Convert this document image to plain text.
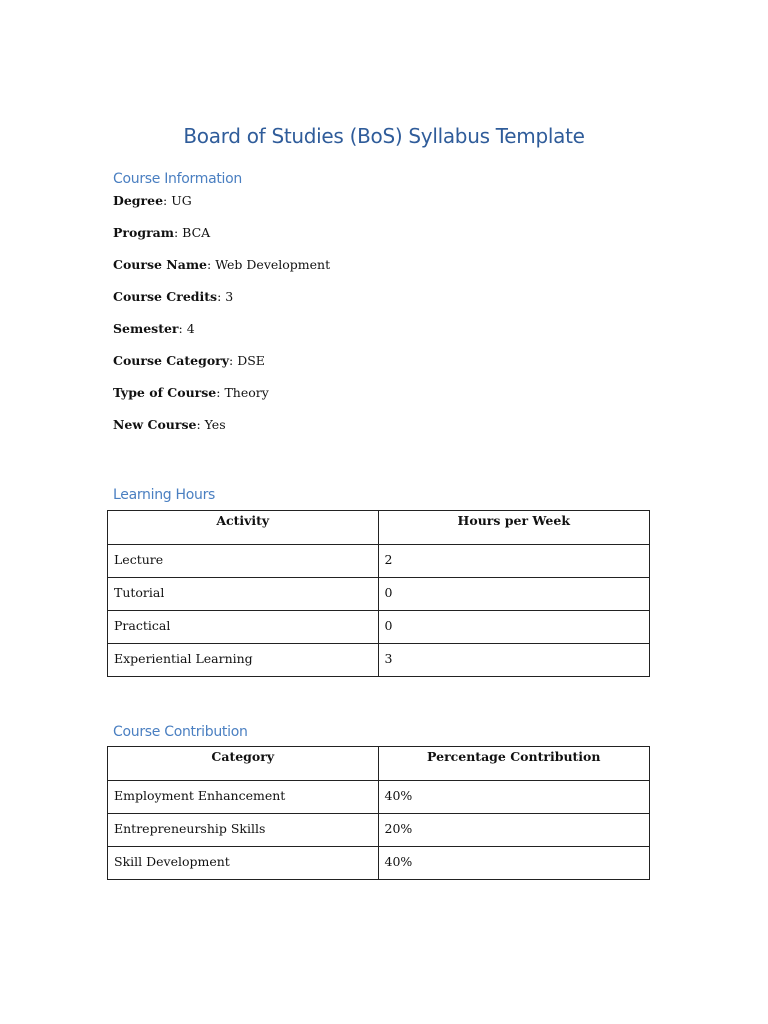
Board of Studies (BoS) Syllabus Template
Course Information
Degree: UG
Program: BCA
Course Name: Web Development
Course Credits: 3
Semester: 4
Course Category: DSE
Type of Course: Theory
New Course: Yes
Learning Hours
Activity	Hours per Week
Lecture	2
Tutorial	0
Practical	0
Experiential Learning	3
Course Contribution
Category	Percentage Contribution
Employment Enhancement	40%
Entrepreneurship Skills	20%
Skill Development	40%
